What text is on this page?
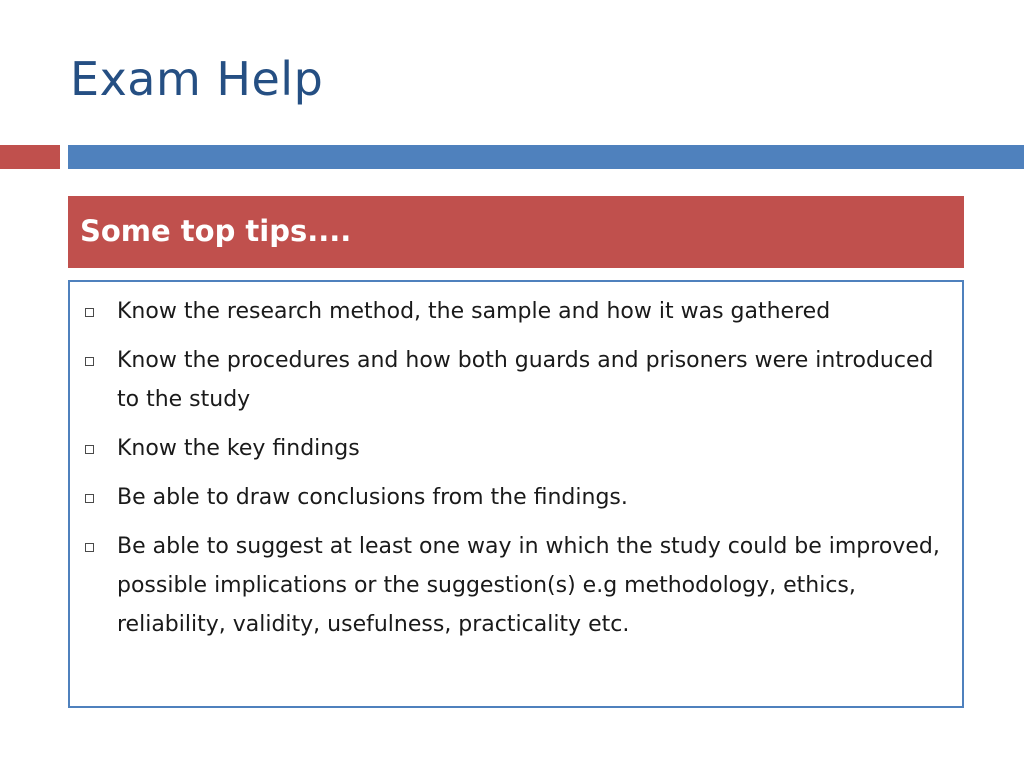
Exam Help
Some top tips....
Know the research method, the sample and how it was gathered
Know the procedures and how both guards and prisoners were introduced to the study
Know the key findings
Be able to draw conclusions from the findings.
Be able to suggest at least one way in which the study could be improved, possible implications or the suggestion(s) e.g methodology, ethics, reliability, validity, usefulness, practicality etc.
